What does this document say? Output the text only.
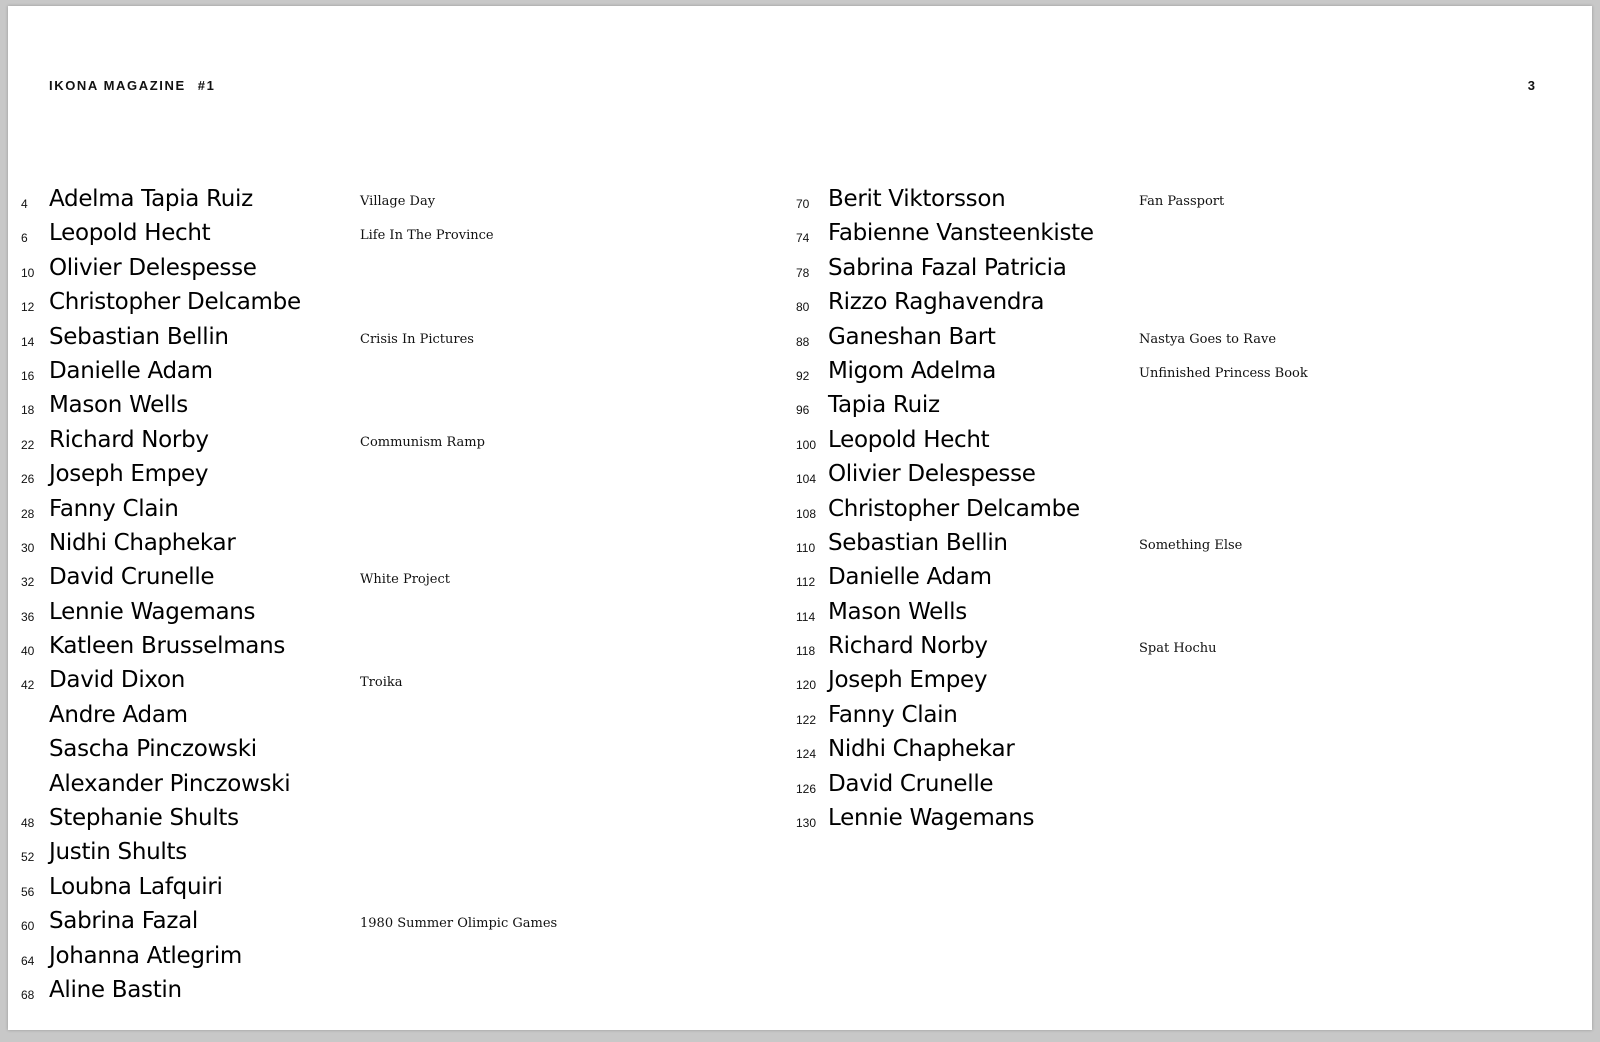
IKONA MAGAZINE #1	3
4 Adelma Tapia Ruiz	Village Day
6 Leopold Hecht	Life In The Province
10 Olivier Delespesse
12 Christopher Delcambe
14 Sebastian Bellin	Crisis In Pictures
16 Danielle Adam
18 Mason Wells
22 Richard Norby	Communism Ramp
26 Joseph Empey
28 Fanny Clain
30 Nidhi Chaphekar
32 David Crunelle	White Project
36 Lennie Wagemans
40 Katleen Brusselmans
42 David Dixon	Troika
Andre Adam
Sascha Pinczowski
Alexander Pinczowski
48 Stephanie Shults
52 Justin Shults
56 Loubna Lafquiri
60 Sabrina Fazal	1980 Summer Olimpic Games
64 Johanna Atlegrim
68 Aline Bastin
70 Berit Viktorsson	Fan Passport
74 Fabienne Vansteenkiste
78 Sabrina Fazal Patricia
80 Rizzo Raghavendra
88 Ganeshan Bart	Nastya Goes to Rave
92 Migom Adelma	Unfinished Princess Book
96 Tapia Ruiz
100 Leopold Hecht
104 Olivier Delespesse
108 Christopher Delcambe
110 Sebastian Bellin	Something Else
112 Danielle Adam
114 Mason Wells
118 Richard Norby	Spat Hochu
120 Joseph Empey
122 Fanny Clain
124 Nidhi Chaphekar
126 David Crunelle
130 Lennie Wagemans
